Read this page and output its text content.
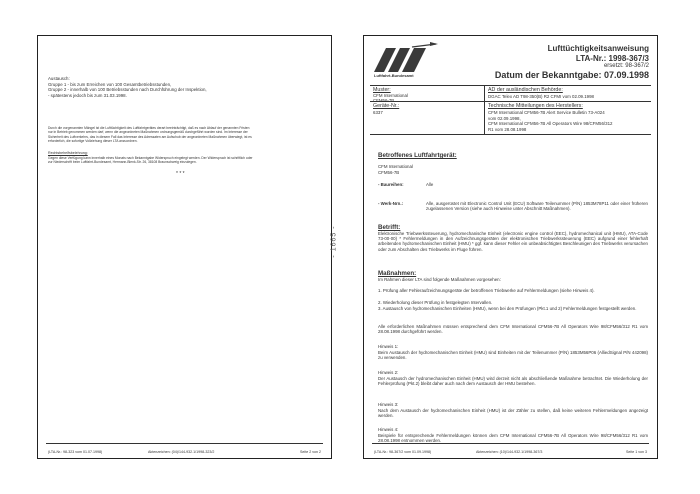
Austausch:
Gruppe 1 - bis zum Erreichen von 100 Gesamtbetriebsstunden,
Gruppe 2 - innerhalb von 100 Betriebsstunden nach Durchführung der Inspektion,
- spätestens jedoch bis zum 31.03.1998.
Durch die vorgenannten Mängel ist die Lufttüchtigkeit des Luftfahrtgerätes derart beeinträchtigt, daß es nach Ablauf der genannten Fristen
nur in Betrieb genommen werden darf, wenn die angeordneten Maßnahmen ordnungsgemäß durchgeführt worden sind. Im Interesse der
Sicherheit des Luftverkehrs, das in diesem Fall das Interesse des Adressaten am Aufschub der angeordneten Maßnahmen überwiegt, ist es
erforderlich, die sofortige Vollziehung dieser LTA anzuordnen.
Rechtsbehelfsbelehrung:
Gegen diese Verfügung kann innerhalb eines Monats nach Bekanntgabe Widerspruch eingelegt werden. Der Widerspruch ist schriftlich oder
zur Niederschrift beim Luftfahrt-Bundesamt, Hermann-Blenk-Str. 26, 38108 Braunschweig einzulegen.
* * *
(LTA-Nr.: 98-323 vom 01.07.1998)	Aktenzeichen: (04)/144-932.1/1998-323/2	Seite 2 von 2
- 1665 -
Luftfahrt-Bundesamt
Lufttüchtigkeitsanweisung
LTA-Nr.: 1998-367/3
ersetzt: 98-367/2
Datum der Bekanntgabe: 07.09.1998
Muster:
CFM International
CFM56-7B
AD der ausländischen Behörde:
DGAC Telex AD T98-350(B) R2 CFMI vom 02.09.1998
Geräte-Nr.:
6337
Technische Mitteilungen des Herstellers:
CFM International CFM56-7B Alert Service Bulletin 73-A024
vom 02.09.1998,
CFM International CFM56-7B All Operators Wire 98/CFM56/312
R1 vom 28.08.1998
Betroffenes Luftfahrtgerät:
CFM International
CFM56-7B
- Baureihen:	Alle
- Werk-Nrn.:	Alle, ausgerüstet mit Electronic Control Unit (ECU) Software Teilenummer (P/N) 1853M78P11 oder einer früheren zugelassenen Version (siehe auch Hinweise unter Abschnitt Maßnahmen).
Betrifft:
Elektronische Triebwerkssteuerung, hydromechanische Einheit (electronic engine control (EEC), hydromechanical unit (HMU), ATA-Code 73-00-00) * Fehlermeldungen in den Aufzeichnungsgeräten der elektronischen Triebwerkssteuerung (EEC) aufgrund einer fehlerhaft arbeitenden hydromechanischen Einheit (HMU) * ggf. kann dieser Fehler ein unbeabsichtigtes Beschleunigen des Triebwerks verursachen oder zum Abschalten des Triebwerks im Fluge führen.
Maßnahmen:
Im Rahmen dieser LTA sind folgende Maßnahmen vorgesehen:
1. Prüfung aller Fehleraufzeichnungsgeräte der betroffenen Triebwerke auf Fehlermeldungen (siehe Hinweis 4).
2. Wiederholung dieser Prüfung in festgelegten Intervallen.
3. Austausch von hydromechanischen Einheiten (HMU), wenn bei den Prüfungen (Pkt.1 und 2) Fehlermeldungen festgestellt werden.
Alle erforderlichen Maßnahmen müssen entsprechend dem CFM International CFM56-7B All Operators Wire 98/CFM56/312 R1 vom 28.08.1998 durchgeführt werden.
Hinweis 1:
Beim Austausch der hydromechanischen Einheit (HMU) sind Einheiten mit der Teilenummer (P/N) 1853M56P06 (AlliedSignal P/N 442098) zu verwenden.
Hinweis 2:
Der Austausch der hydromechanischen Einheit (HMU) wird derzeit nicht als abschließende Maßnahme betrachtet. Die Wiederholung der Fehlerprüfung (Pkt.2) bleibt daher auch nach dem Austausch der HMU bestehen.
Hinweis 3:
Nach dem Austausch der hydromechanischen Einheit (HMU) ist der Zähler zu stellen, daß keine weiteren Fehlermeldungen angezeigt werden.
Hinweis 4:
Beispiele für entsprechende Fehlermeldungen können dem CFM International CFM56-7B All Operators Wire 98/CFM56/312 R1 vom 28.08.1998 entnommen werden.
(LTA-Nr.: 98-367/2 vom 01.09.1998)	Aktenzeichen: (10)/144-932.1/1998-367/3	Seite 1 von 3
